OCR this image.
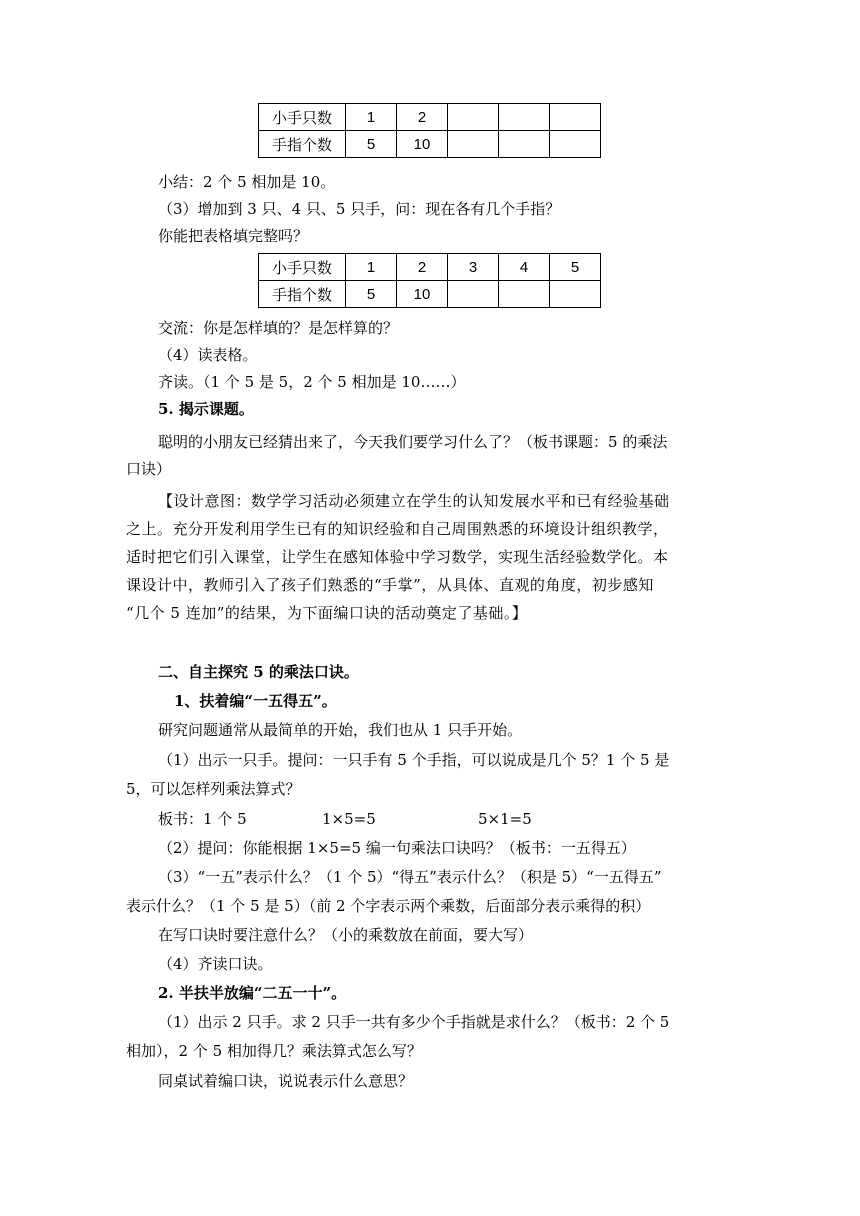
小手只数	1	2			
手指个数	5	10			
小结：2 个 5 相加是 10。
（3）增加到 3 只、4 只、5 只手，问：现在各有几个手指？
你能把表格填完整吗？
小手只数	1	2	3	4	5
手指个数	5	10			
交流：你是怎样填的？是怎样算的？
（4）读表格。
齐读。（1 个 5 是 5，2 个 5 相加是 10……）
5. 揭示课题。
聪明的小朋友已经猜出来了，今天我们要学习什么了？（板书课题：5 的乘法
口诀）
【设计意图：数学学习活动必须建立在学生的认知发展水平和已有经验基础
之上。充分开发利用学生已有的知识经验和自己周围熟悉的环境设计组织教学，
适时把它们引入课堂，让学生在感知体验中学习数学，实现生活经验数学化。本
课设计中，教师引入了孩子们熟悉的“手掌”，从具体、直观的角度，初步感知
“几个 5 连加”的结果，为下面编口诀的活动奠定了基础。】
二、自主探究 5 的乘法口诀。
1、扶着编“一五得五”。
研究问题通常从最简单的开始，我们也从 1 只手开始。
（1）出示一只手。提问：一只手有 5 个手指，可以说成是几个 5？1 个 5 是
5，可以怎样列乘法算式？
板书：1 个 5	1×5=5	5×1=5
（2）提问：你能根据 1×5=5 编一句乘法口诀吗？（板书：一五得五）
（3）“一五”表示什么？（1 个 5）“得五”表示什么？（积是 5）“一五得五”
表示什么？（1 个 5 是 5）（前 2 个字表示两个乘数，后面部分表示乘得的积）
在写口诀时要注意什么？（小的乘数放在前面，要大写）
（4）齐读口诀。
2. 半扶半放编“二五一十”。
（1）出示 2 只手。求 2 只手一共有多少个手指就是求什么？（板书：2 个 5
相加），2 个 5 相加得几？乘法算式怎么写？
同桌试着编口诀，说说表示什么意思？
